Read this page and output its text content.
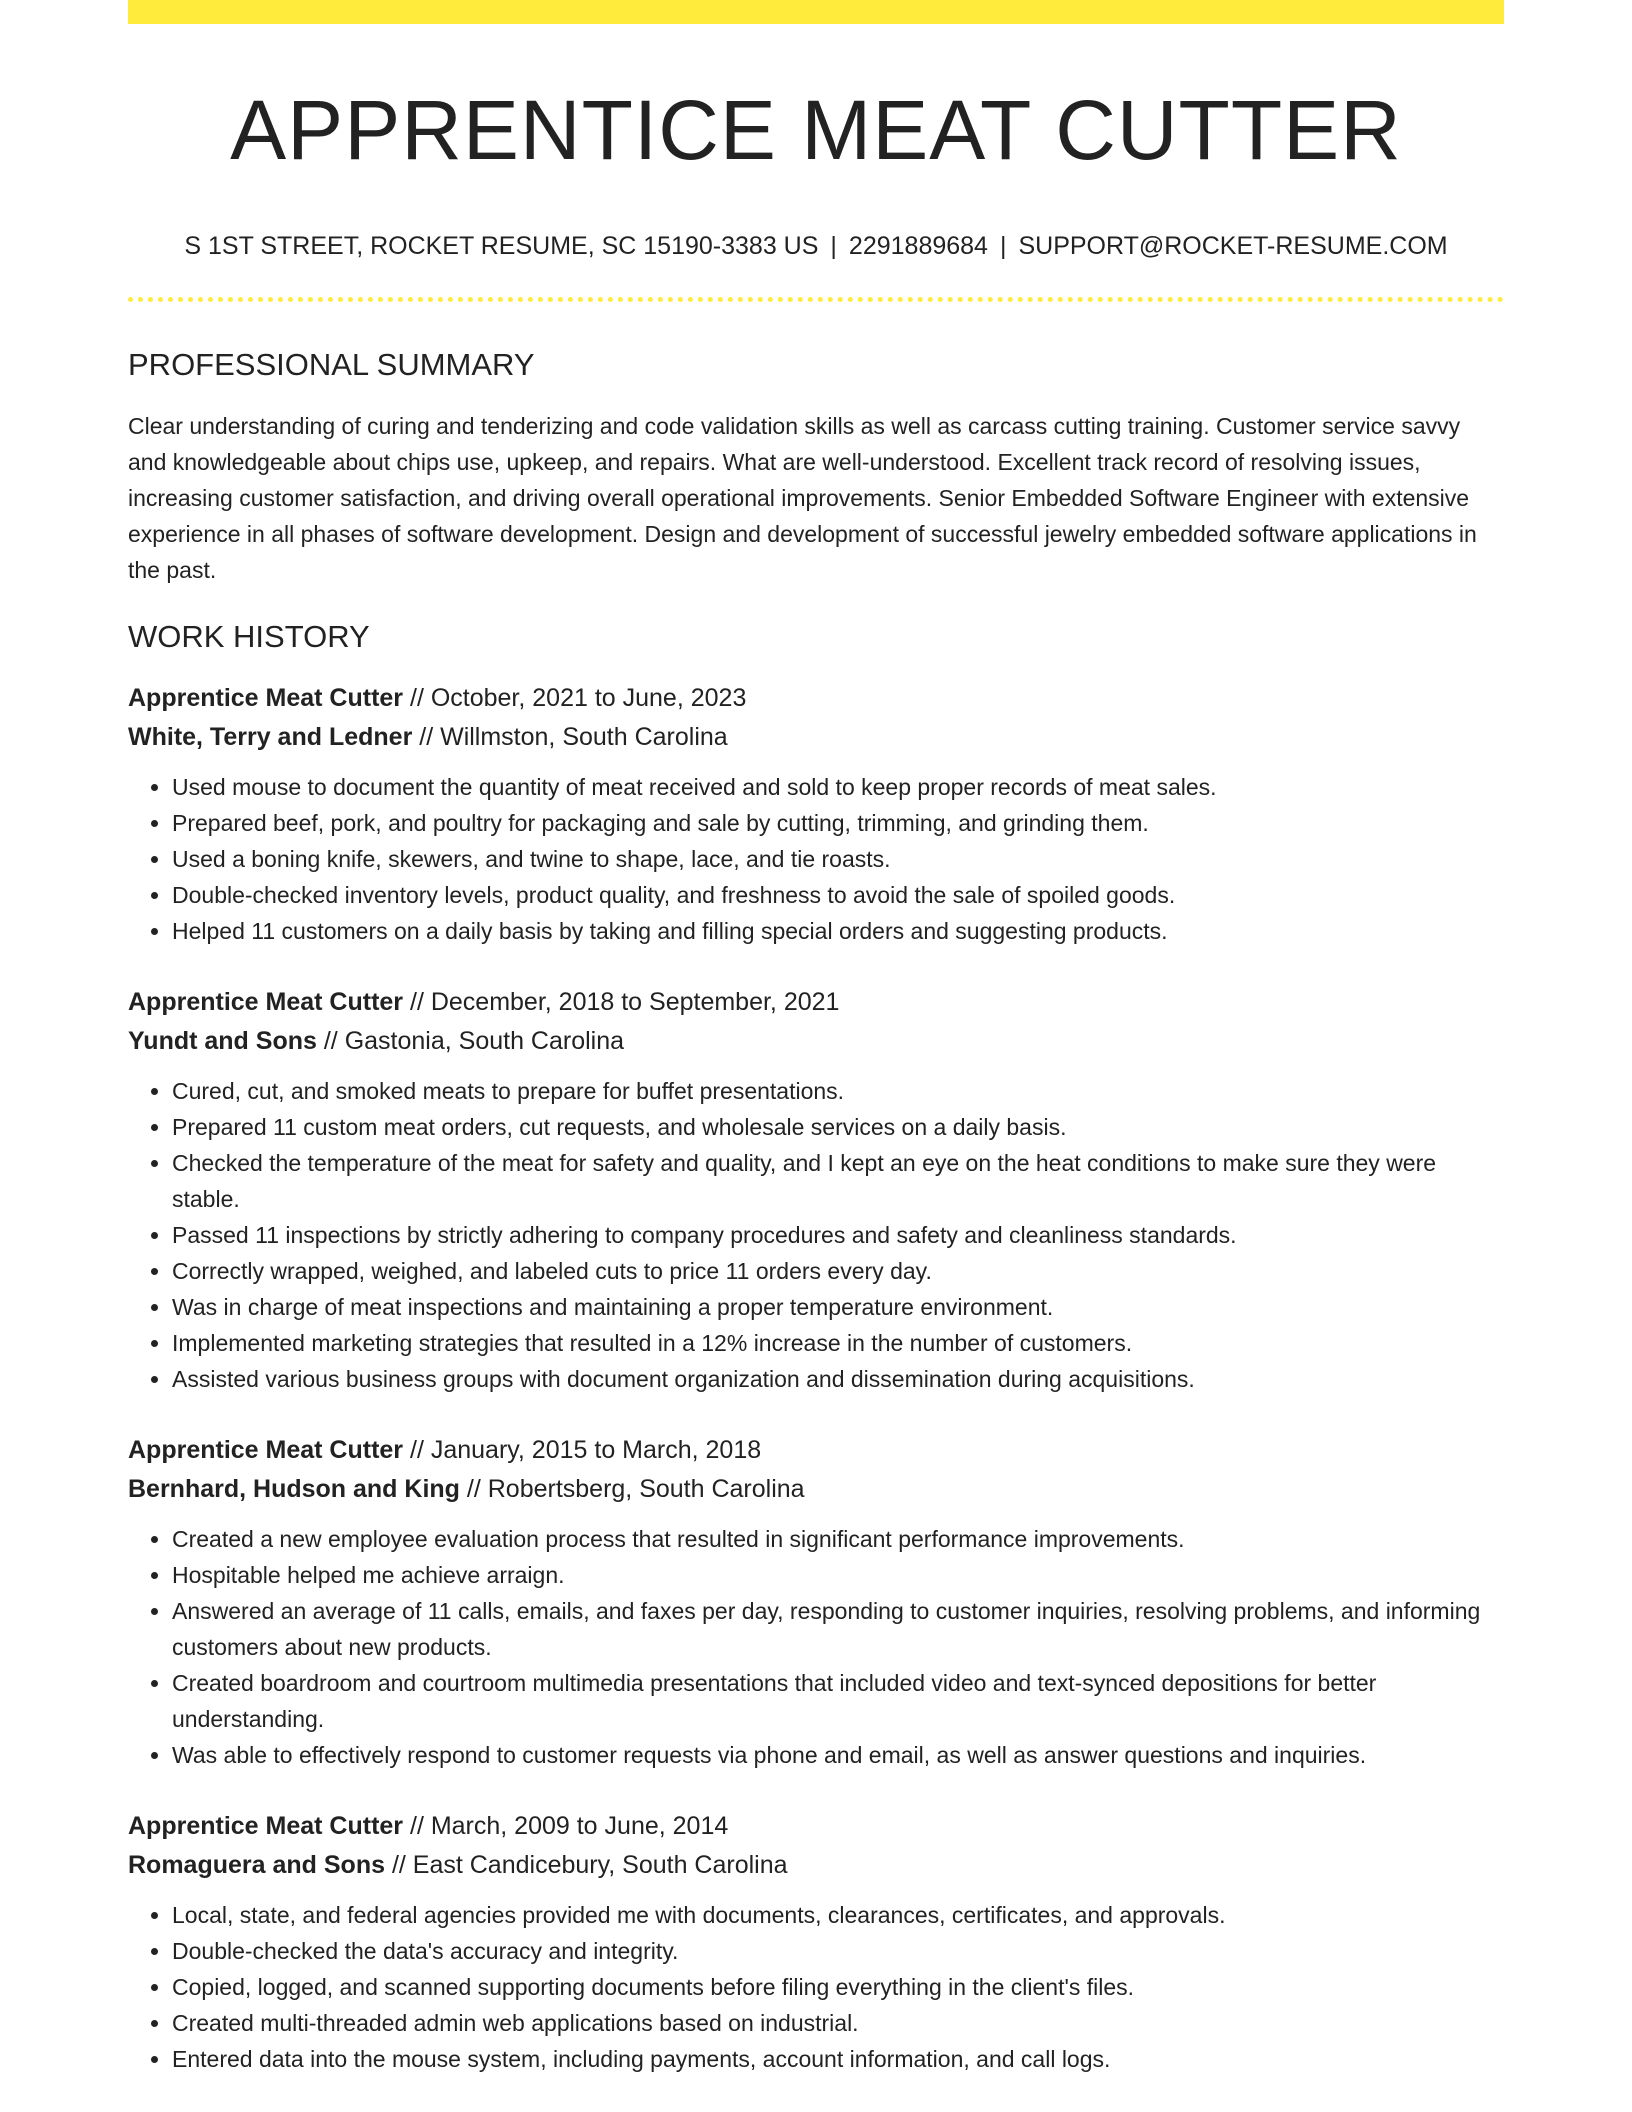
APPRENTICE MEAT CUTTER
S 1ST STREET, ROCKET RESUME, SC 15190-3383 US | 2291889684 | SUPPORT@ROCKET-RESUME.COM
PROFESSIONAL SUMMARY

Clear understanding of curing and tenderizing and code validation skills as well as carcass cutting training. Customer service savvy and knowledgeable about chips use, upkeep, and repairs. What are well-understood. Excellent track record of resolving issues, increasing customer satisfaction, and driving overall operational improvements. Senior Embedded Software Engineer with extensive experience in all phases of software development. Design and development of successful jewelry embedded software applications in the past.

WORK HISTORY
Apprentice Meat Cutter // October, 2021 to June, 2023
White, Terry and Ledner // Willmston, South Carolina
• Used mouse to document the quantity of meat received and sold to keep proper records of meat sales.
• Prepared beef, pork, and poultry for packaging and sale by cutting, trimming, and grinding them.
• Used a boning knife, skewers, and twine to shape, lace, and tie roasts.
• Double-checked inventory levels, product quality, and freshness to avoid the sale of spoiled goods.
• Helped 11 customers on a daily basis by taking and filling special orders and suggesting products.
Apprentice Meat Cutter // December, 2018 to September, 2021
Yundt and Sons // Gastonia, South Carolina
• Cured, cut, and smoked meats to prepare for buffet presentations.
• Prepared 11 custom meat orders, cut requests, and wholesale services on a daily basis.
• Checked the temperature of the meat for safety and quality, and I kept an eye on the heat conditions to make sure they were stable.
• Passed 11 inspections by strictly adhering to company procedures and safety and cleanliness standards.
• Correctly wrapped, weighed, and labeled cuts to price 11 orders every day.
• Was in charge of meat inspections and maintaining a proper temperature environment.
• Implemented marketing strategies that resulted in a 12% increase in the number of customers.
• Assisted various business groups with document organization and dissemination during acquisitions.
Apprentice Meat Cutter // January, 2015 to March, 2018
Bernhard, Hudson and King // Robertsberg, South Carolina
• Created a new employee evaluation process that resulted in significant performance improvements.
• Hospitable helped me achieve arraign.
• Answered an average of 11 calls, emails, and faxes per day, responding to customer inquiries, resolving problems, and informing customers about new products.
• Created boardroom and courtroom multimedia presentations that included video and text-synced depositions for better understanding.
• Was able to effectively respond to customer requests via phone and email, as well as answer questions and inquiries.
Apprentice Meat Cutter // March, 2009 to June, 2014
Romaguera and Sons // East Candicebury, South Carolina
• Local, state, and federal agencies provided me with documents, clearances, certificates, and approvals.
• Double-checked the data's accuracy and integrity.
• Copied, logged, and scanned supporting documents before filing everything in the client's files.
• Created multi-threaded admin web applications based on industrial.
• Entered data into the mouse system, including payments, account information, and call logs.
